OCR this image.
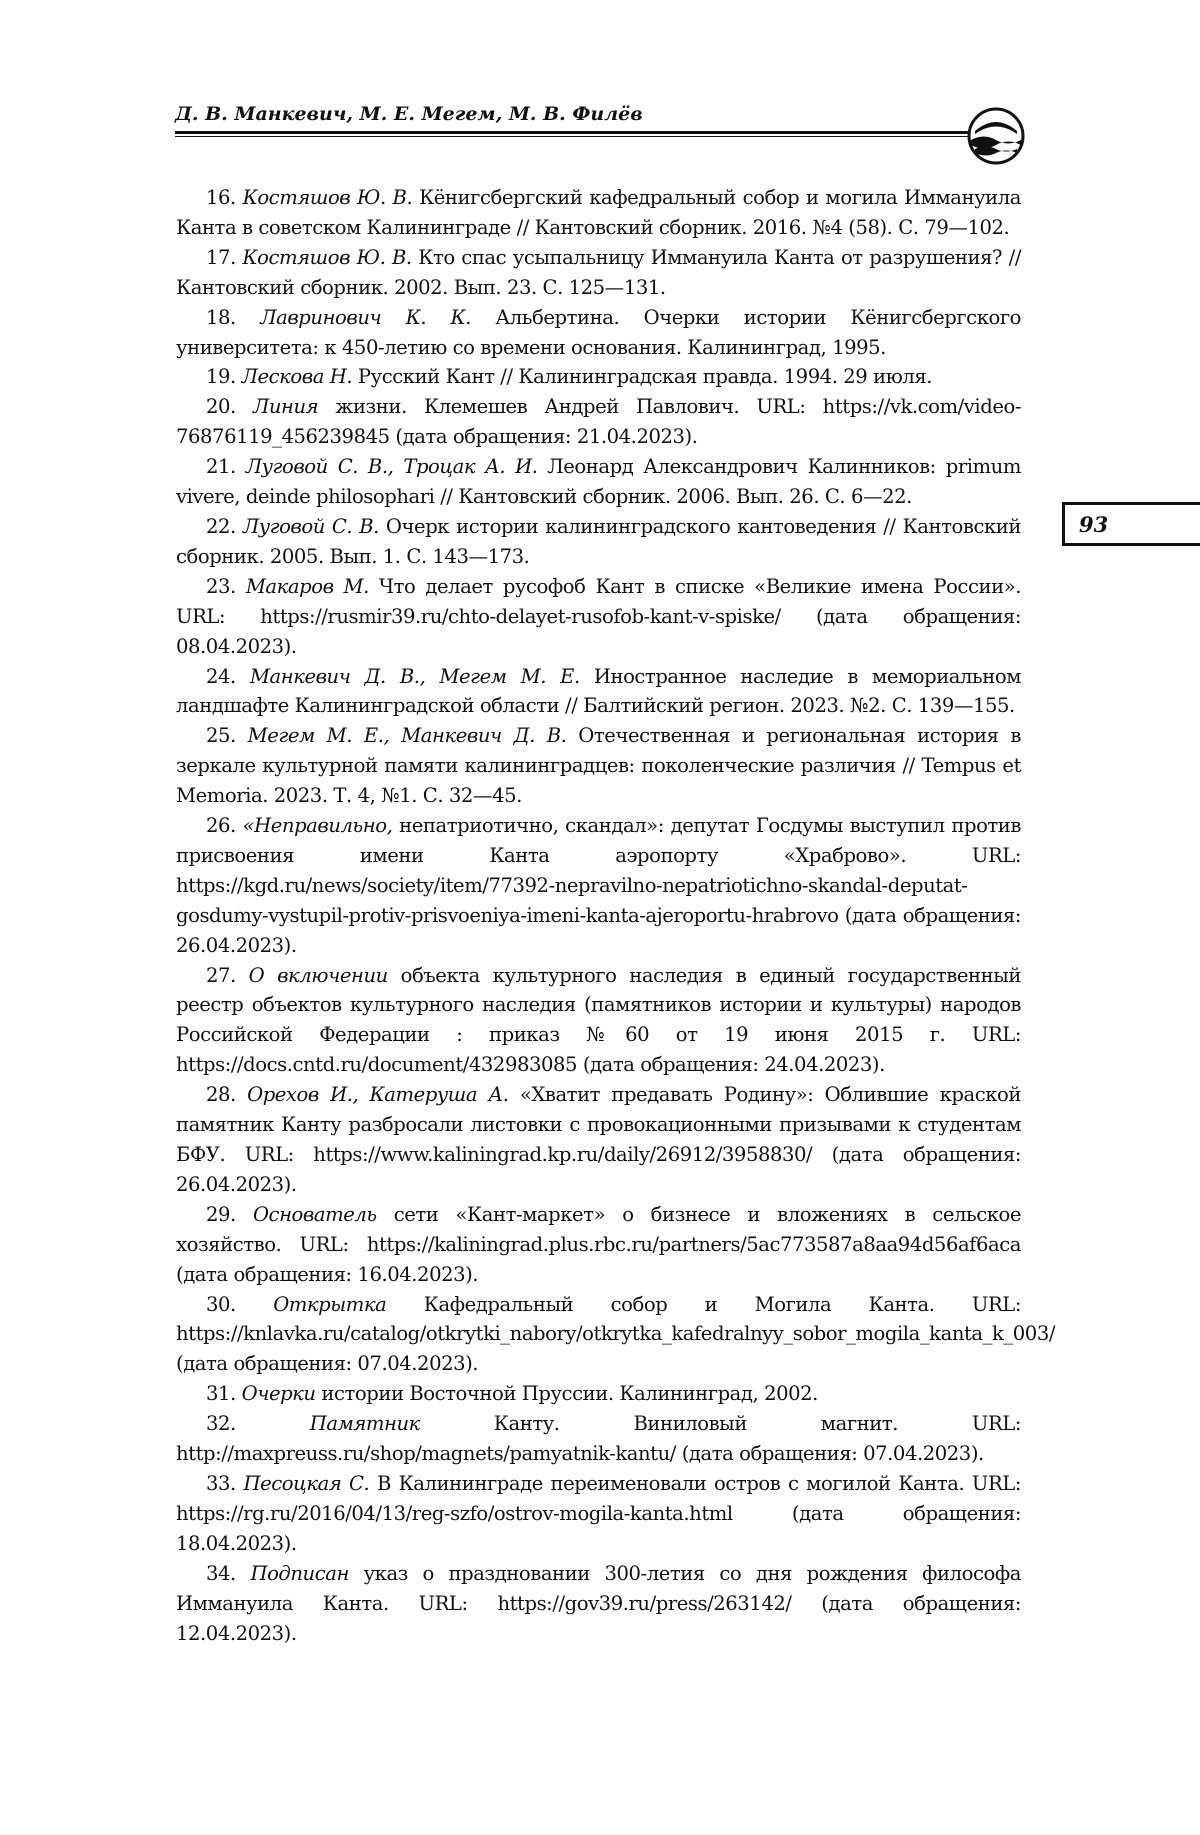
Д. В. Манкевич, М. Е. Мегем, М. В. Филёв
93

16. Костяшов Ю. В. Кёнигсбергский кафедральный собор и могила Иммануила Канта в советском Калининграде // Кантовский сборник. 2016. №4 (58). С. 79—102.

17. Костяшов Ю. В. Кто спас усыпальницу Иммануила Канта от разрушения? // Кантовский сборник. 2002. Вып. 23. С. 125—131.

18. Лавринович К. К. Альбертина. Очерки истории Кёнигсбергского университета: к 450-летию со времени основания. Калининград, 1995.

19. Лескова Н. Русский Кант // Калининградская правда. 1994. 29 июля.

20. Линия жизни. Клемешев Андрей Павлович. URL: https://vk.com/video-76876119_456239845 (дата обращения: 21.04.2023).

21. Луговой С. В., Троцак А. И. Леонард Александрович Калинников: primum vivere, deinde philosophari // Кантовский сборник. 2006. Вып. 26. С. 6—22.

22. Луговой С. В. Очерк истории калининградского кантоведения // Кантовский сборник. 2005. Вып. 1. С. 143—173.

23. Макаров М. Что делает русофоб Кант в списке «Великие имена России». URL: https://rusmir39.ru/chto-delayet-rusofob-kant-v-spiske/ (дата обращения: 08.04.2023).

24. Манкевич Д. В., Мегем М. Е. Иностранное наследие в мемориальном ландшафте Калининградской области // Балтийский регион. 2023. №2. С. 139—155.

25. Мегем М. Е., Манкевич Д. В. Отечественная и региональная история в зеркале культурной памяти калининградцев: поколенческие различия // Tempus et Memoria. 2023. Т. 4, №1. С. 32—45.

26. «Неправильно, непатриотично, скандал»: депутат Госдумы выступил против присвоения имени Канта аэропорту «Храброво». URL: https://kgd.ru/news/society/item/77392-nepravilno-nepatriotichno-skandal-deputat-gosdumy-vystupil-protiv-prisvoeniya-imeni-kanta-ajeroportu-hrabrovo (дата обращения: 26.04.2023).

27. О включении объекта культурного наследия в единый государственный реестр объектов культурного наследия (памятников истории и культуры) народов Российской Федерации : приказ №60 от 19 июня 2015 г. URL: https://docs.cntd.ru/document/432983085 (дата обращения: 24.04.2023).

28. Орехов И., Катеруша А. «Хватит предавать Родину»: Облившие краской памятник Канту разбросали листовки с провокационными призывами к студентам БФУ. URL: https://www.kaliningrad.kp.ru/daily/26912/3958830/ (дата обращения: 26.04.2023).

29. Основатель сети «Кант-маркет» о бизнесе и вложениях в сельское хозяйство. URL: https://kaliningrad.plus.rbc.ru/partners/5ac773587a8aa94d56af6aca (дата обращения: 16.04.2023).

30. Открытка Кафедральный собор и Могила Канта. URL: https://knlavka.ru/catalog/otkrytki_nabory/otkrytka_kafedralnyy_sobor_mogila_kanta_k_003/ (дата обращения: 07.04.2023).

31. Очерки истории Восточной Пруссии. Калининград, 2002.

32.	Памятник Канту. Виниловый магнит. URL: http://maxpreuss.ru/shop/magnets/pamyatnik-kantu/ (дата обращения: 07.04.2023).

33. Песоцкая С. В Калининграде переименовали остров с могилой Канта. URL: https://rg.ru/2016/04/13/reg-szfo/ostrov-mogila-kanta.html (дата обращения: 18.04.2023).

34. Подписан указ о праздновании 300-летия со дня рождения философа Иммануила Канта. URL: https://gov39.ru/press/263142/ (дата обращения: 12.04.2023).
